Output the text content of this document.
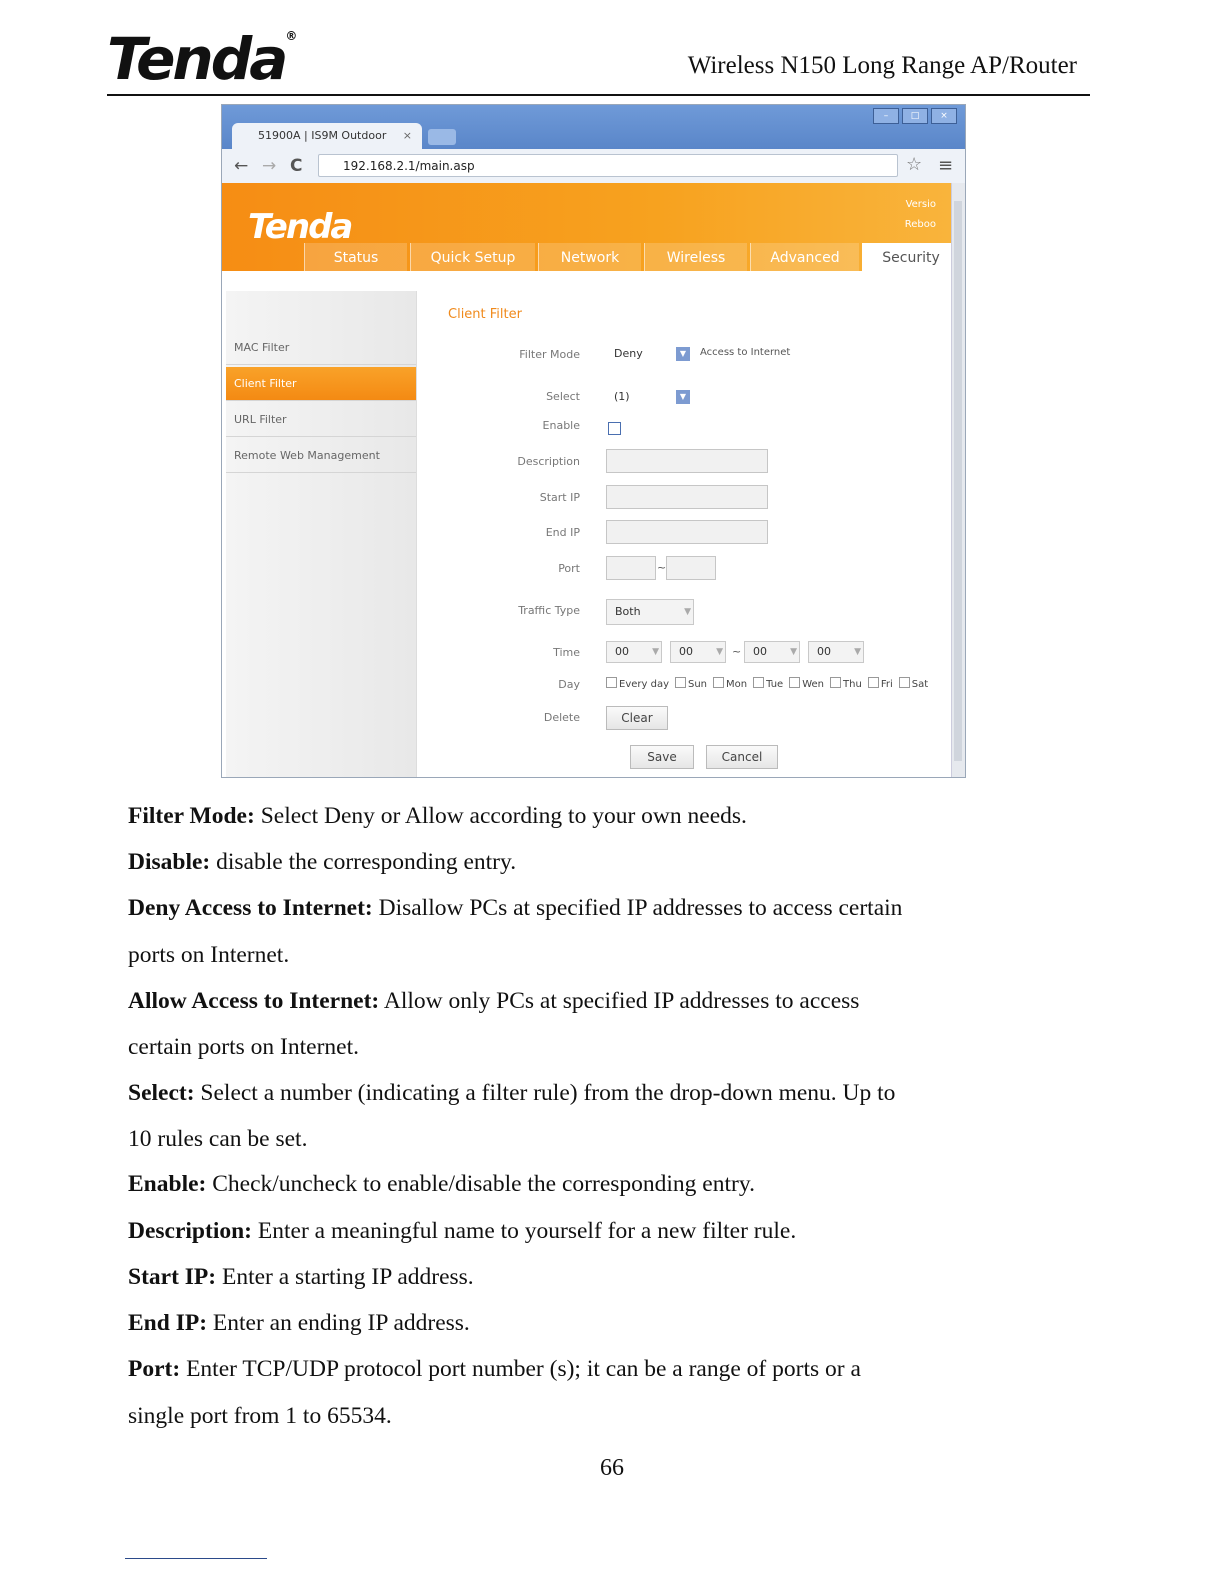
Tenda®
Wireless N150 Long Range AP/Router
51900A | IS9M Outdoor ×
–	□	×
← → C	192.168.2.1/main.asp	☆ ≡
Tenda
Versio
Reboo
Status	Quick Setup	Network	Wireless	Advanced	Security
MAC Filter
Client Filter
URL Filter
Remote Web Management
Client Filter
Filter Mode	Deny	▼	Access to Internet
Select	(1)	▼
Enable
Description
Start IP
End IP
Port	~
Traffic Type	Both	▼
Time	00	▼	00	▼ ~	00	▼	00	▼
Day	Every day Sun Mon Tue Wen Thu Fri Sat
Delete	Clear
Save	Cancel
Filter Mode: Select Deny or Allow according to your own needs.
Disable: disable the corresponding entry.
Deny Access to Internet: Disallow PCs at specified IP addresses to access certain
ports on Internet.
Allow Access to Internet: Allow only PCs at specified IP addresses to access
certain ports on Internet.
Select: Select a number (indicating a filter rule) from the drop-down menu. Up to
10 rules can be set.
Enable: Check/uncheck to enable/disable the corresponding entry.
Description: Enter a meaningful name to yourself for a new filter rule.
Start IP: Enter a starting IP address.
End IP: Enter an ending IP address.
Port: Enter TCP/UDP protocol port number (s); it can be a range of ports or a
single port from 1 to 65534.
66
